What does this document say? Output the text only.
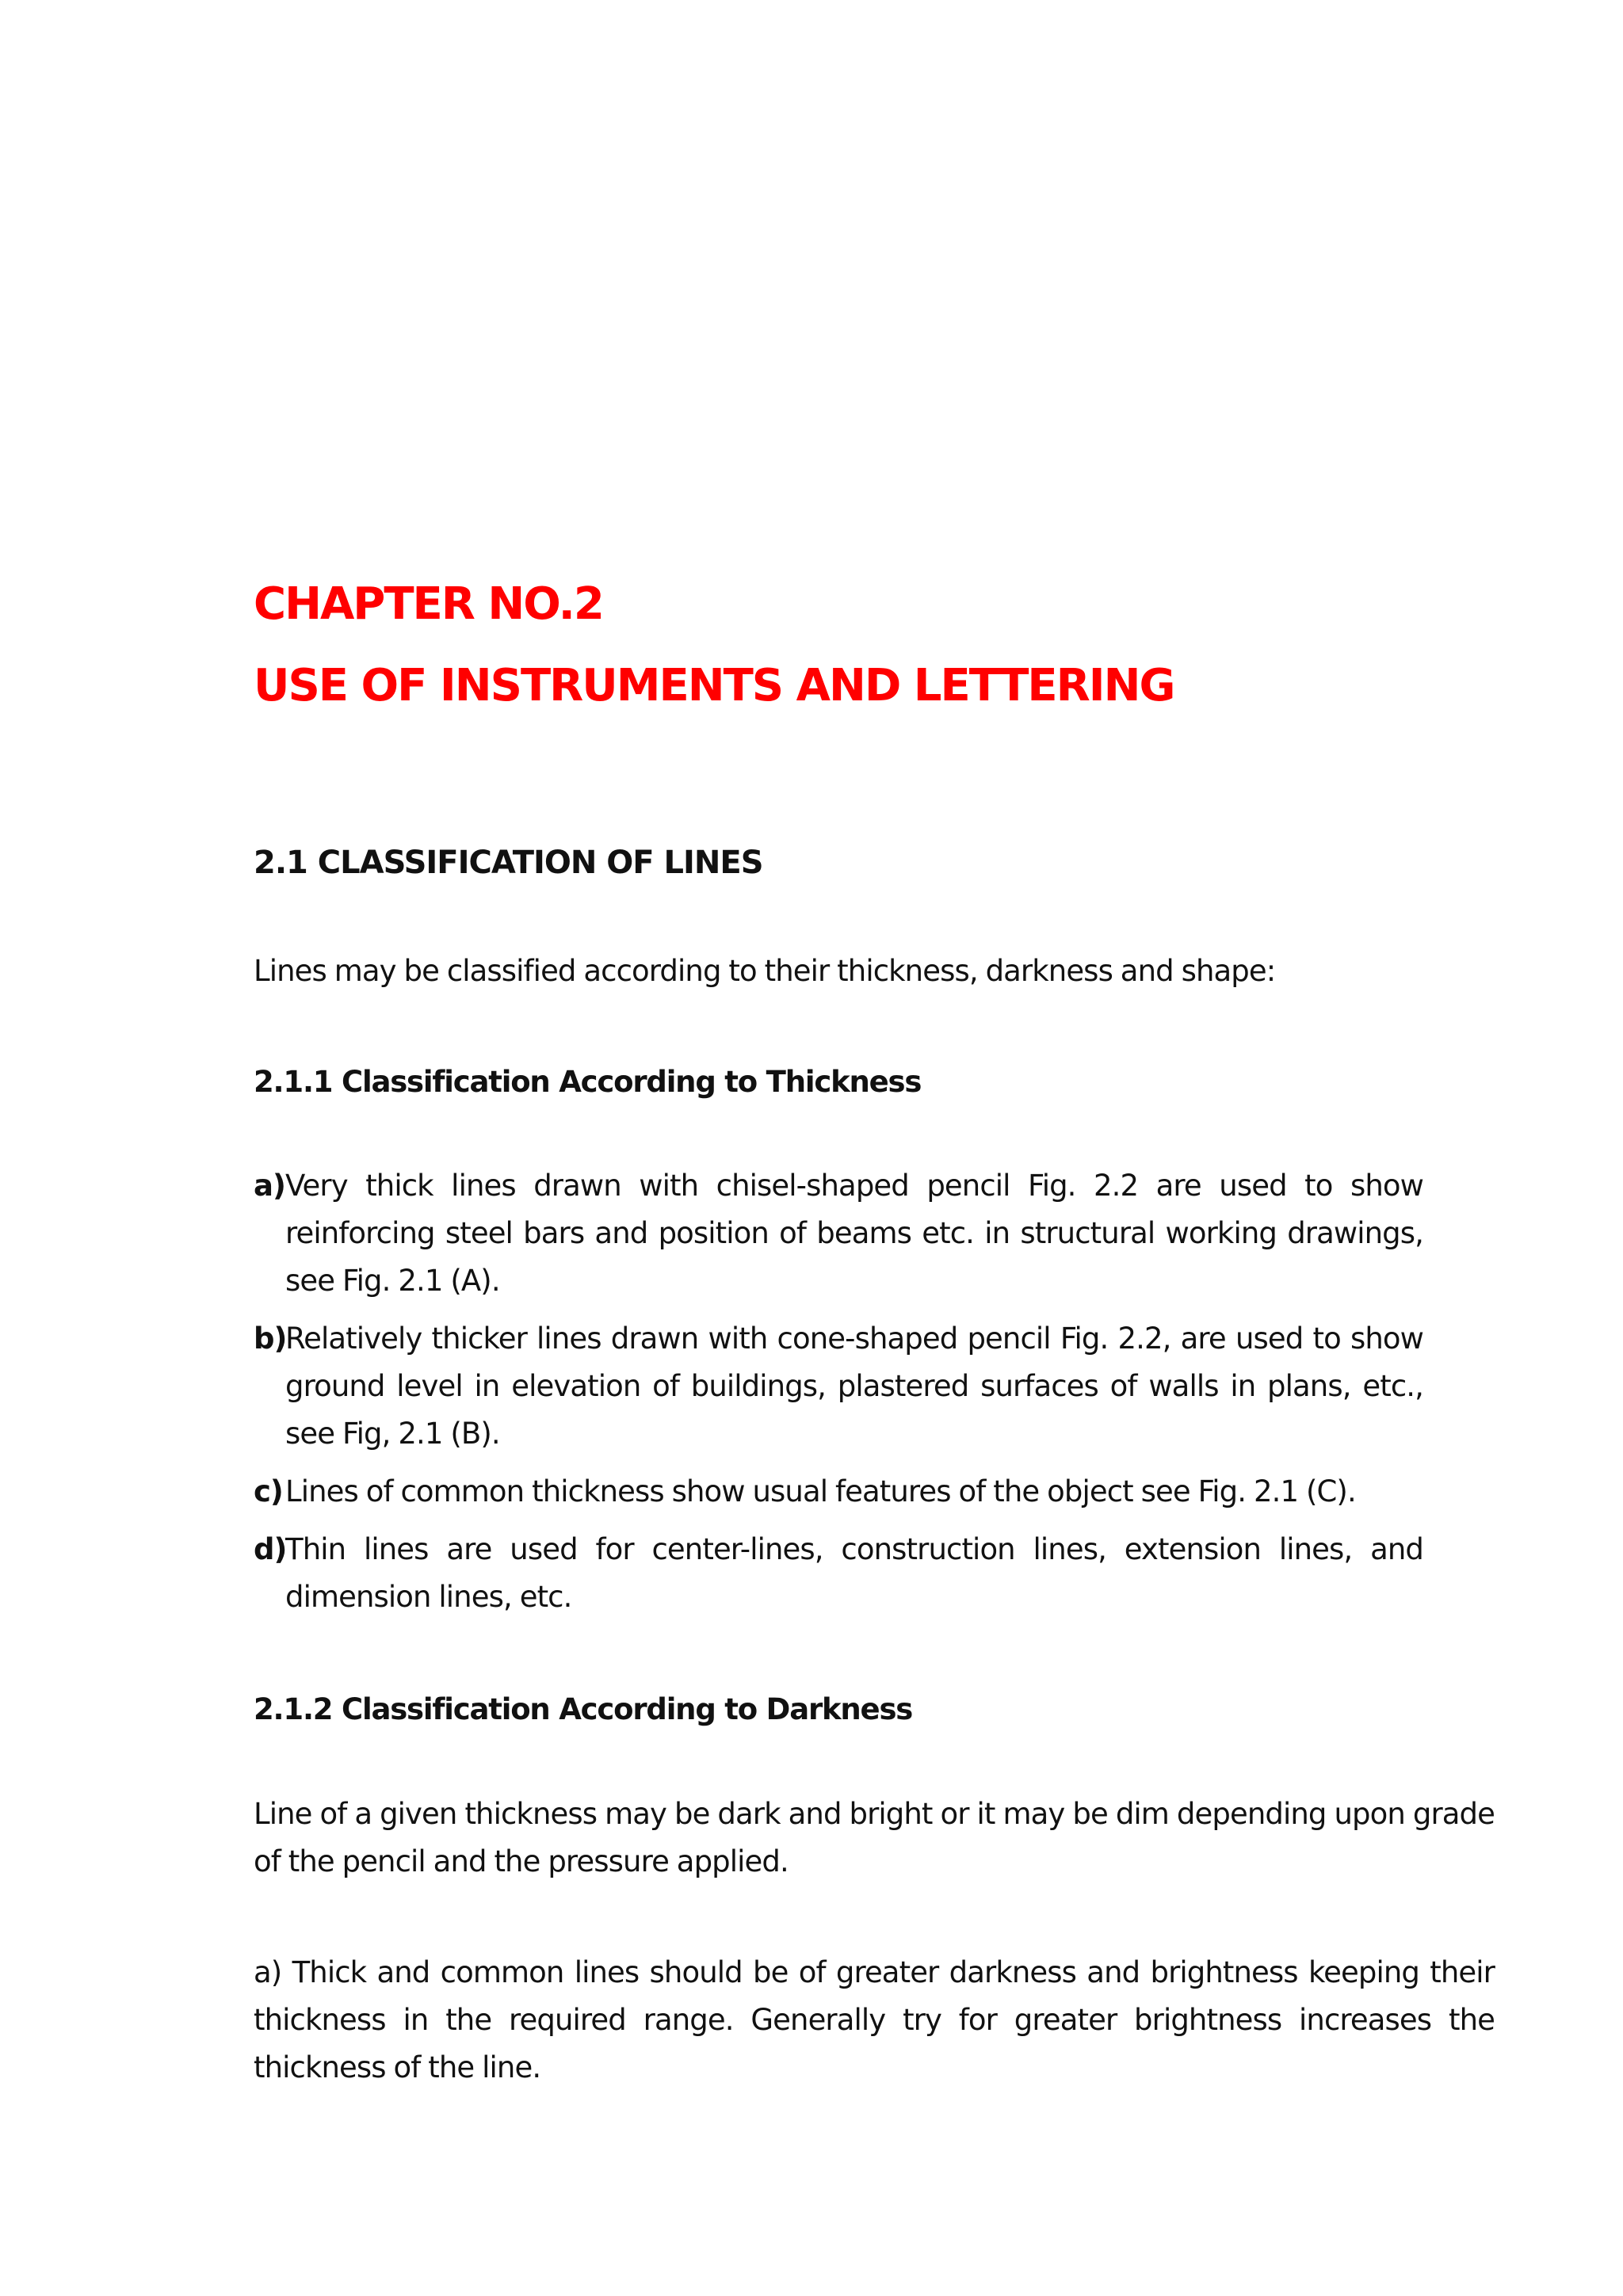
CHAPTER NO.2
USE OF INSTRUMENTS AND LETTERING
2.1 CLASSIFICATION OF LINES

Lines may be classified according to their thickness, darkness and shape:

2.1.1 Classification According to Thickness
a) Very thick lines drawn with chisel-shaped pencil Fig. 2.2 are used to show reinforcing steel bars and position of beams etc. in structural working drawings, see Fig. 2.1 (A).
b)
Relatively thicker lines drawn with cone-shaped pencil Fig. 2.2, are used to show ground level in elevation of buildings, plastered surfaces of walls in plans, etc., see Fig, 2.1 (B).
c) Lines of common thickness show usual features of the object see Fig. 2.1 (C).
d)
Thin lines are used for center-lines, construction lines, extension lines, and dimension lines, etc.
2.1.2 Classification According to Darkness

Line of a given thickness may be dark and bright or it may be dim depending upon grade of the pencil and the pressure applied.

a) Thick and common lines should be of greater darkness and brightness keeping their thickness in the required range. Generally try for greater brightness increases the thickness of the line.
